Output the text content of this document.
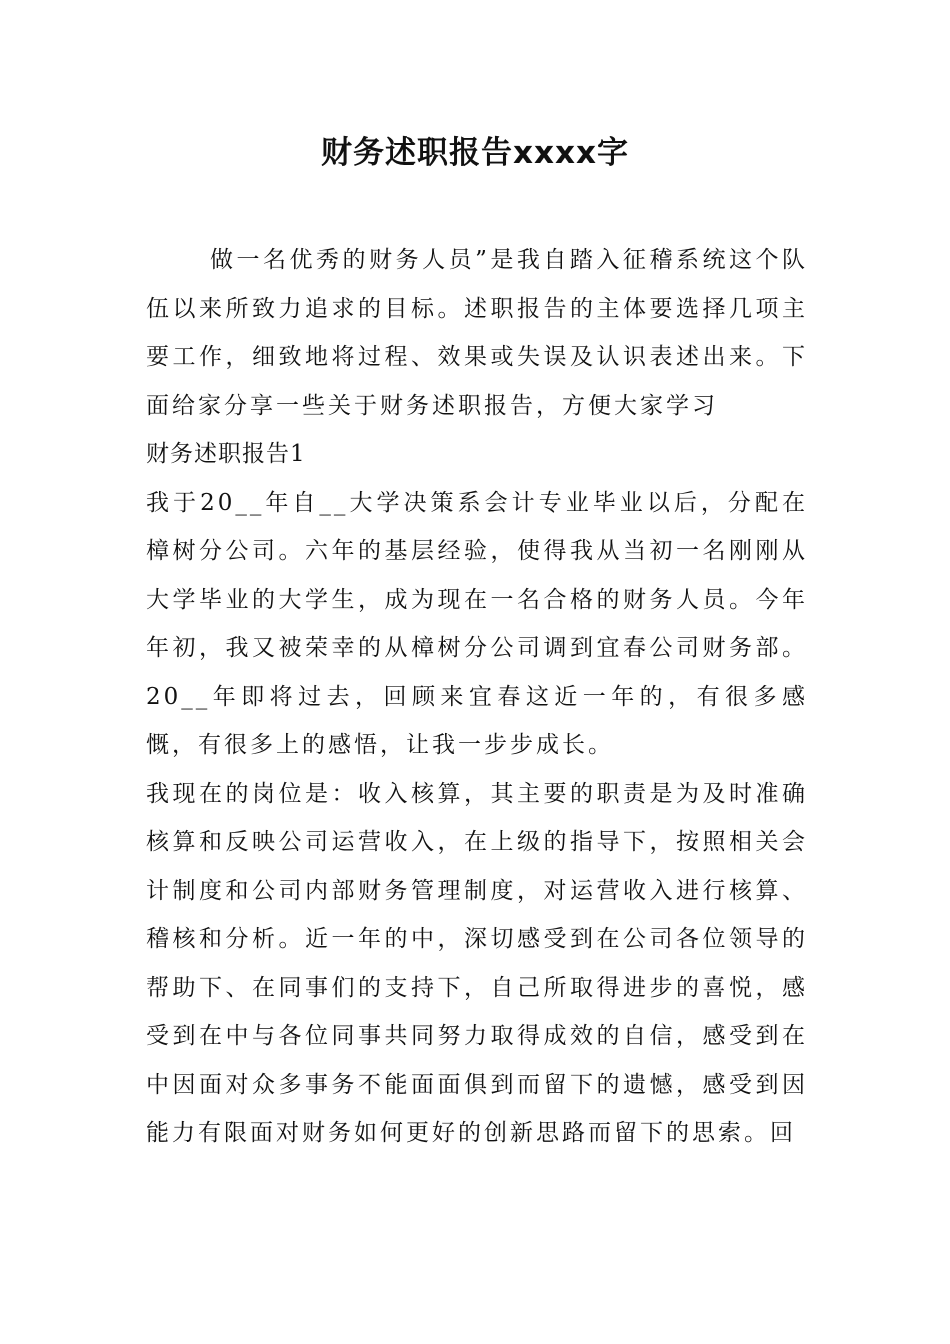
财务述职报告xxxx字

做一名优秀的财务人员”是我自踏入征稽系统这个队伍以来所致力追求的目标。述职报告的主体要选择几项主要工作，细致地将过程、效果或失误及认识表述出来。下面给家分享一些关于财务述职报告，方便大家学习

财务述职报告1

我于20__年自__大学决策系会计专业毕业以后，分配在樟树分公司。六年的基层经验，使得我从当初一名刚刚从大学毕业的大学生，成为现在一名合格的财务人员。今年年初，我又被荣幸的从樟树分公司调到宜春公司财务部。20__年即将过去，回顾来宜春这近一年的，有很多感慨，有很多上的感悟，让我一步步成长。

我现在的岗位是：收入核算，其主要的职责是为及时准确核算和反映公司运营收入，在上级的指导下，按照相关会计制度和公司内部财务管理制度，对运营收入进行核算、稽核和分析。近一年的中，深切感受到在公司各位领导的帮助下、在同事们的支持下，自己所取得进步的喜悦，感受到在中与各位同事共同努力取得成效的自信，感受到在中因面对众多事务不能面面俱到而留下的遗憾，感受到因能力有限面对财务如何更好的创新思路而留下的思索。回
